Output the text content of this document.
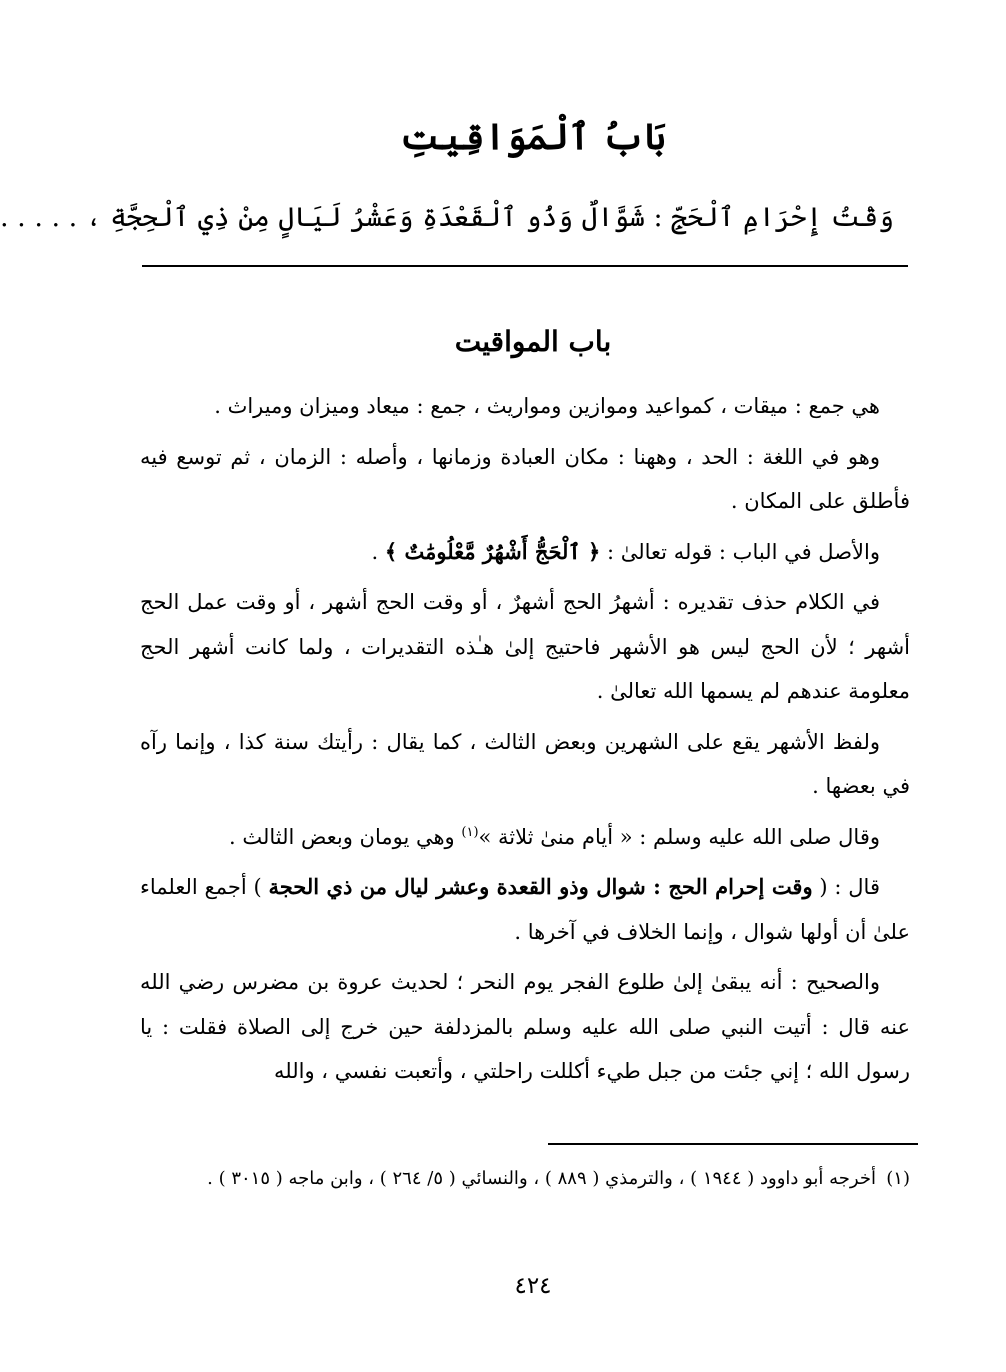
بَابُ ٱلْمَوَاقِيتِ
وَقْتُ إِحْرَامِ ٱلْحَجِّ : شَوَّالٌ وَذُو ٱلْقَعْدَةِ وَعَشْرُ لَيَالٍ مِنْ ذِي ٱلْحِجَّةِ ، . . . . .
باب المواقيت

هي جمع : ميقات ، كمواعيد وموازين ومواريث ، جمع : ميعاد وميزان وميراث .

وهو في اللغة : الحد ، وههنا : مكان العبادة وزمانها ، وأصله : الزمان ، ثم توسع فيه فأطلق على المكان .

والأصل في الباب : قوله تعالىٰ : ﴿ ٱلْحَجُّ أَشْهُرٌ مَّعْلُومَٰتٌ ﴾ .

في الكلام حذف تقديره : أشهرُ الحج أشهرٌ ، أو وقت الحج أشهر ، أو وقت عمل الحج أشهر ؛ لأن الحج ليس هو الأشهر فاحتيج إلىٰ هـٰذه التقديرات ، ولما كانت أشهر الحج معلومة عندهم لم يسمها الله تعالىٰ .

ولفظ الأشهر يقع على الشهرين وبعض الثالث ، كما يقال : رأيتك سنة كذا ، وإنما رآه في بعضها .

وقال صلى الله عليه وسلم : « أيام منىٰ ثلاثة »$^{(١)}$ وهي يومان وبعض الثالث .

قال : ( وقت إحرام الحج : شوال وذو القعدة وعشر ليال من ذي الحجة ) أجمع العلماء علىٰ أن أولها شوال ، وإنما الخلاف في آخرها .

والصحيح : أنه يبقىٰ إلىٰ طلوع الفجر يوم النحر ؛ لحديث عروة بن مضرس رضي الله عنه قال : أتيت النبي صلى الله عليه وسلم بالمزدلفة حين خرج إلى الصلاة فقلت : يا رسول الله ؛ إني جئت من جبل طيء أكللت راحلتي ، وأتعبت نفسي ، والله

(١)أخرجه أبو داوود ( ١٩٤٤ ) ، والترمذي ( ٨٨٩ ) ، والنسائي ( ٥/ ٢٦٤ ) ، وابن ماجه ( ٣٠١٥ ) .
٤٢٤
